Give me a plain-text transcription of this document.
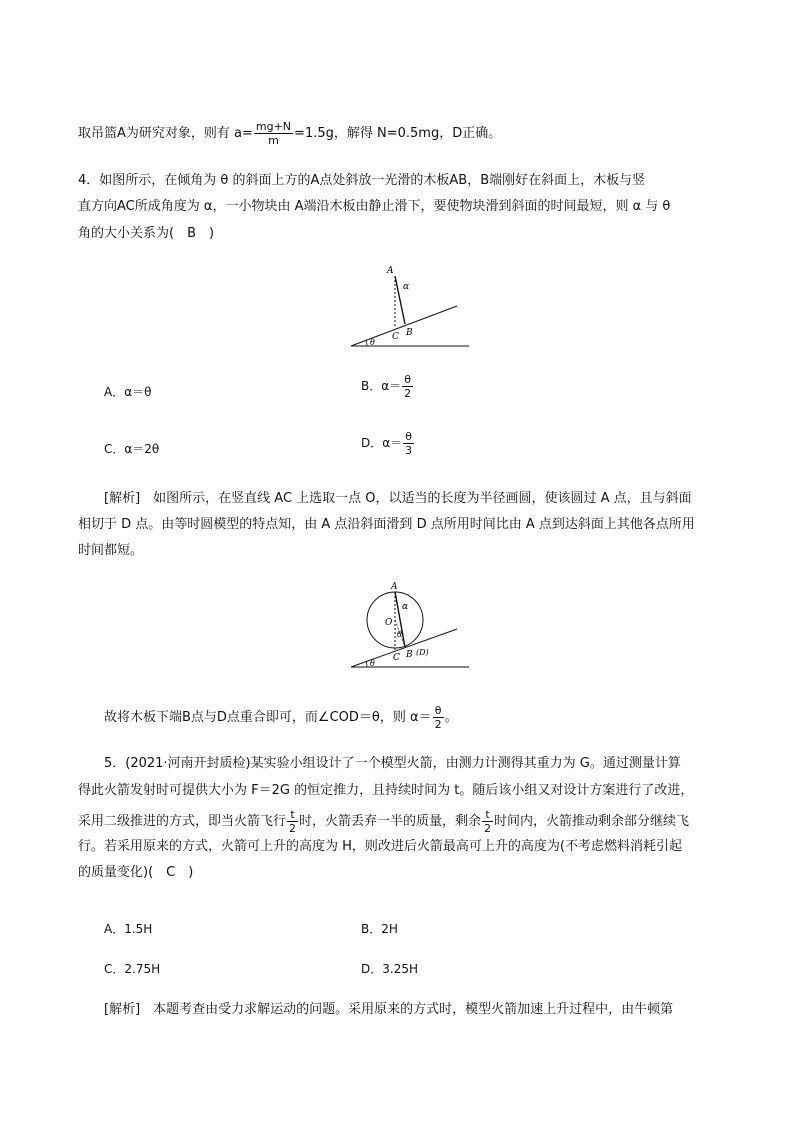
取吊篮A为研究对象，则有 $a= \frac{mg+N}{m} =1.5g$，解得 N=0.5mg，D正确。
4．如图所示，在倾角为 θ 的斜面上方的A点处斜放一光滑的木板AB，B端刚好在斜面上，木板与竖
直方向AC所成角度为 α，一小物块由 A端沿木板由静止滑下，要使物块滑到斜面的时间最短，则 α 与 θ
角的大小关系为(　B　)
A
α
C B
θ
A．α＝θ	B．$\alpha= \frac{\theta}{2}$
C．α＝2θ	D．$\alpha= \frac{\theta}{3}$
[解析]　如图所示，在竖直线 AC 上选取一点 O，以适当的长度为半径画圆，使该圆过 A 点，且与斜面
相切于 D 点。由等时圆模型的特点知，由 A 点沿斜面滑到 D 点所用时间比由 A 点到达斜面上其他各点所用
时间都短。
A
α
O
θ
C B (D)
θ
故将木板下端B点与D点重合即可，而∠COD＝θ，则 $\alpha= \frac{\theta}{2}$ 。
5．(2021·河南开封质检)某实验小组设计了一个模型火箭，由测力计测得其重力为 G。通过测量计算
得此火箭发射时可提供大小为 F＝2G 的恒定推力，且持续时间为 t。随后该小组又对设计方案进行了改进，
采用二级推进的方式，即当火箭飞行 $\frac{t}{2}$ 时，火箭丢弃一半的质量，剩余 $\frac{t}{2}$ 时间内，火箭推动剩余部分继续飞
行。若采用原来的方式，火箭可上升的高度为 H，则改进后火箭最高可上升的高度为(不考虑燃料消耗引起
的质量变化)(　C　)
A．1.5H	B．2H
C．2.75H	D．3.25H
[解析]　本题考查由受力求解运动的问题。采用原来的方式时，模型火箭加速上升过程中，由牛顿第
